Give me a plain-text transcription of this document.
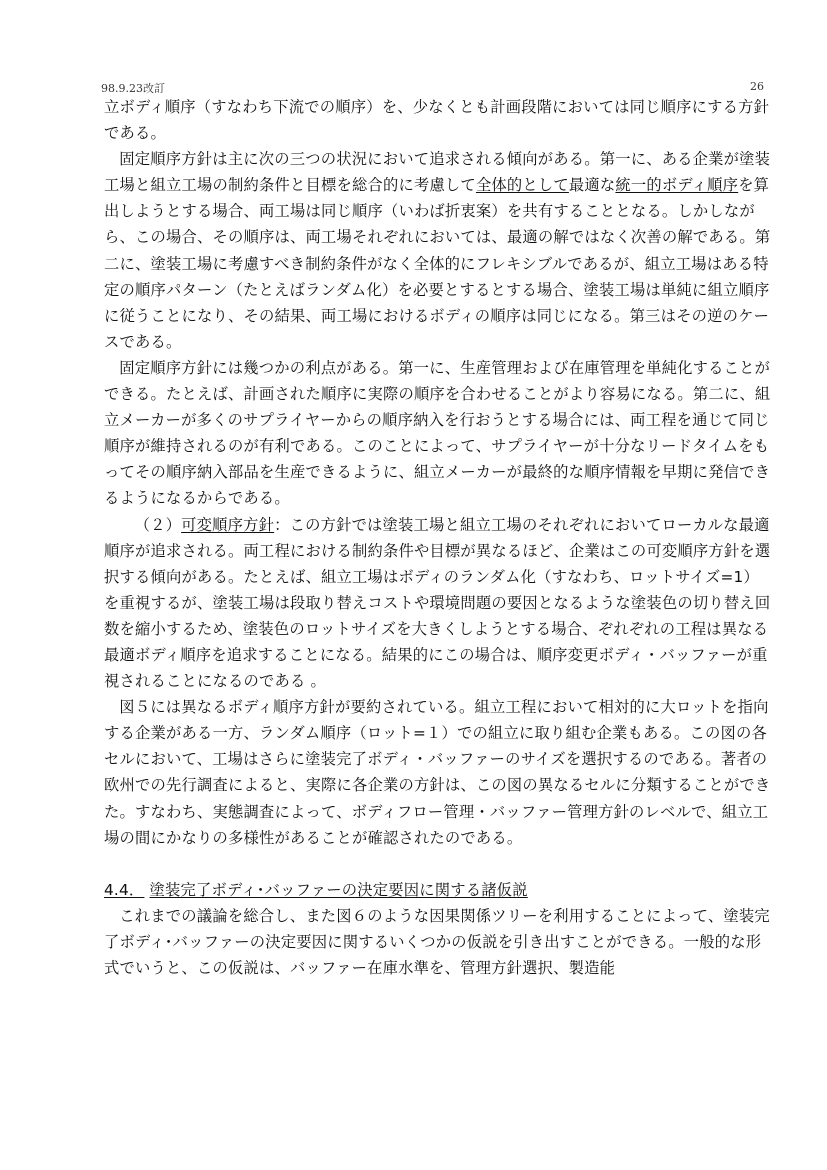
98.9.23改訂	26

立ボディ順序（すなわち下流での順序）を、少なくとも計画段階においては同じ順序にする方針である。

固定順序方針は主に次の三つの状況において追求される傾向がある。第一に、ある企業が塗装工場と組立工場の制約条件と目標を総合的に考慮して全体的として最適な統一的ボディ順序を算出しようとする場合、両工場は同じ順序（いわば折衷案）を共有することとなる。しかしながら、この場合、その順序は、両工場それぞれにおいては、最適の解ではなく次善の解である。第二に、塗装工場に考慮すべき制約条件がなく全体的にフレキシブルであるが、組立工場はある特定の順序パターン（たとえばランダム化）を必要とするとする場合、塗装工場は単純に組立順序に従うことになり、その結果、両工場におけるボディの順序は同じになる。第三はその逆のケースである。

固定順序方針には幾つかの利点がある。第一に、生産管理および在庫管理を単純化することができる。たとえば、計画された順序に実際の順序を合わせることがより容易になる。第二に、組立メーカーが多くのサプライヤーからの順序納入を行おうとする場合には、両工程を通じて同じ順序が維持されるのが有利である。このことによって、サプライヤーが十分なリードタイムをもってその順序納入部品を生産できるように、組立メーカーが最終的な順序情報を早期に発信できるようになるからである。

（２）可変順序方針：この方針では塗装工場と組立工場のそれぞれにおいてローカルな最適順序が追求される。両工程における制約条件や目標が異なるほど、企業はこの可変順序方針を選択する傾向がある。たとえば、組立工場はボディのランダム化（すなわち、ロットサイズ=1）を重視するが、塗装工場は段取り替えコストや環境問題の要因となるような塗装色の切り替え回数を縮小するため、塗装色のロットサイズを大きくしようとする場合、ぞれぞれの工程は異なる最適ボディ順序を追求することになる。結果的にこの場合は、順序変更ボディ・バッファーが重視されることになるのである 。

図５には異なるボディ順序方針が要約されている。組立工程において相対的に大ロットを指向する企業がある一方、ランダム順序（ロット=１）での組立に取り組む企業もある。この図の各セルにおいて、工場はさらに塗装完了ボディ・バッファーのサイズを選択するのである。著者の欧州での先行調査によると、実際に各企業の方針は、この図の異なるセルに分類することができた。すなわち、実態調査によって、ボディフロー管理・バッファー管理方針のレベルで、組立工場の間にかなりの多様性があることが確認されたのである。

4.4． 塗装完了ボディ･バッファーの決定要因に関する諸仮説

これまでの議論を総合し、また図６のような因果関係ツリーを利用することによって、塗装完了ボディ･バッファーの決定要因に関するいくつかの仮説を引き出すことができる。一般的な形式でいうと、この仮説は、バッファー在庫水準を、管理方針選択、製造能
